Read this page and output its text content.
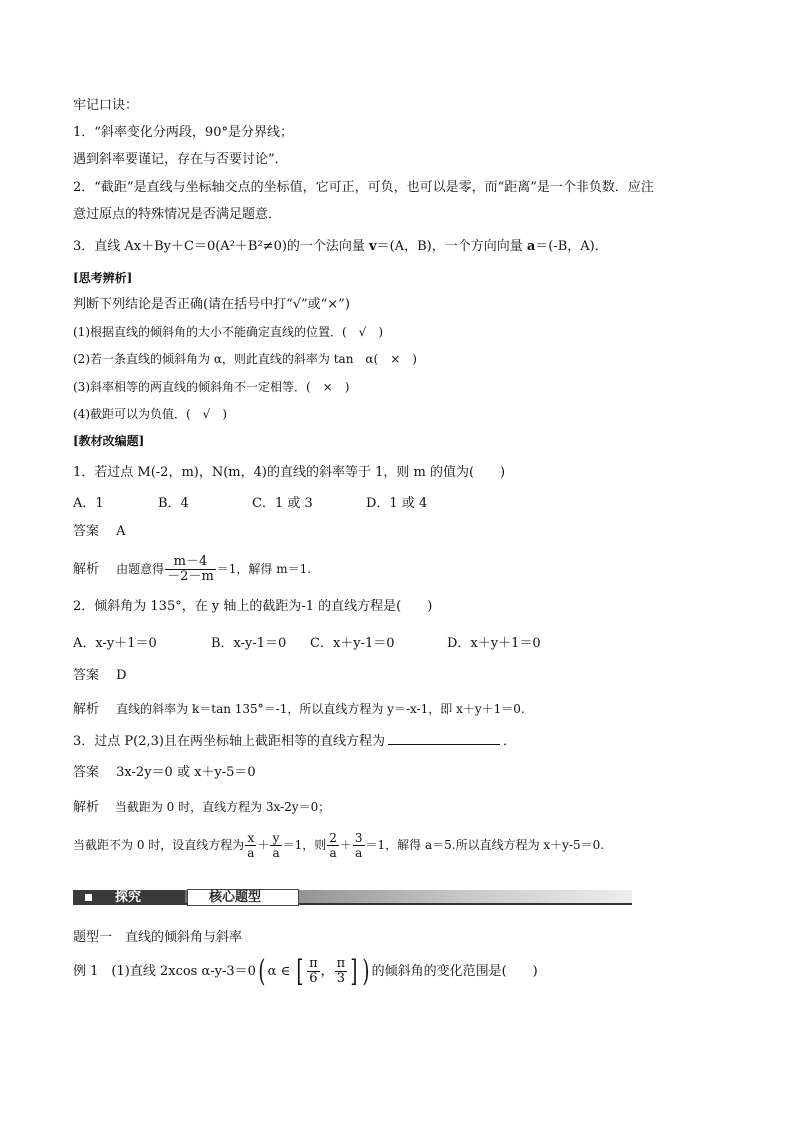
牢记口诀：
1．“斜率变化分两段，90°是分界线；
遇到斜率要谨记，存在与否要讨论”．
2．“截距”是直线与坐标轴交点的坐标值，它可正，可负，也可以是零，而“距离”是一个非负数．应注
意过原点的特殊情况是否满足题意．
3．直线 Ax＋By＋C＝0(A²＋B²≠0)的一个法向量 v＝(A，B)，一个方向向量 a＝(-B，A)．
[思考辨析]
判断下列结论是否正确(请在括号中打“√”或“×”)
(1)根据直线的倾斜角的大小不能确定直线的位置．(　√　)
(2)若一条直线的倾斜角为 α，则此直线的斜率为 tan　α(　×　)
(3)斜率相等的两直线的倾斜角不一定相等．(　×　)
(4)截距可以为负值．(　√　)
[教材改编题]
1．若过点 M(-2，m)，N(m，4)的直线的斜率等于 1，则 m 的值为(　　)
A．1	B．4	C．1 或 3	D．1 或 4
答案　 A
解析　 由题意得 $\frac{m-4}{-2-m} =1$，解得 m＝1.
2．倾斜角为 135°，在 y 轴上的截距为-1 的直线方程是(　　)
A．x-y＋1＝0	B．x-y-1＝0 C．x＋y-1＝0	D．x＋y＋1＝0
答案　 D
解析　 直线的斜率为 k＝tan 135°＝-1，所以直线方程为 y＝-x-1，即 x＋y＋1＝0.
3．过点 P(2,3)且在两坐标轴上截距相等的直线方程为	．
答案　 3x-2y＝0 或 x＋y-5＝0
解析　 当截距为 0 时，直线方程为 3x-2y＝0；
当截距不为 0 时，设直线方程为 $\frac{x}{a} + \frac{y}{a} =1$，则 $\frac{2}{a} + \frac{3}{a} =1$，解得 a＝5.所以直线方程为 x＋y-5＝0.
探究	核心题型
题型一　直线的倾斜角与斜率
例 1　 (1)直线 2xcos α-y-3＝0( α ∈ [ $\frac{\pi}{6}$ ， $\frac{\pi}{3}$ ] ) 的倾斜角的变化范围是(　　)
